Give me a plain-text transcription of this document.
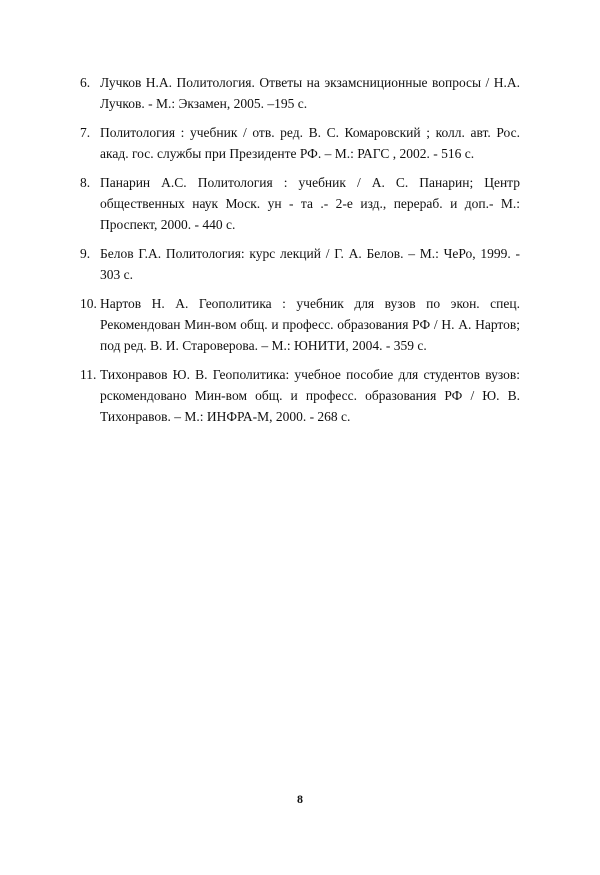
6. Лучков Н.А. Политология. Ответы на экзамсниционные вопросы / Н.А. Лучков. - М.: Экзамен, 2005. –195 с.
7. Политология : учебник / отв. ред. В. С. Комаровский ; колл. авт. Рос. акад. гос. службы при Президенте РФ. – М.: РАГС , 2002. - 516 с.
8. Панарин А.С. Политология : учебник / А. С. Панарин; Центр общественных наук Моск. ун - та .- 2-е изд., перераб. и доп.- М.: Проспект, 2000. - 440 с.
9. Белов Г.А. Политология: курс лекций / Г. А. Белов. – М.: ЧеРо, 1999. - 303 с.
10. Нартов Н. А. Геополитика : учебник для вузов по экон. спец. Рекомендован Мин-вом общ. и професс. образования РФ / Н. А. Нартов; под ред. В. И. Староверова. – М.: ЮНИТИ, 2004. - 359 с.
11. Тихонравов Ю. В. Геополитика: учебное пособие для студентов вузов: рскомендовано Мин-вом общ. и професс. образования РФ / Ю. В. Тихонравов. – М.: ИНФРА-М, 2000. - 268 с.
8
